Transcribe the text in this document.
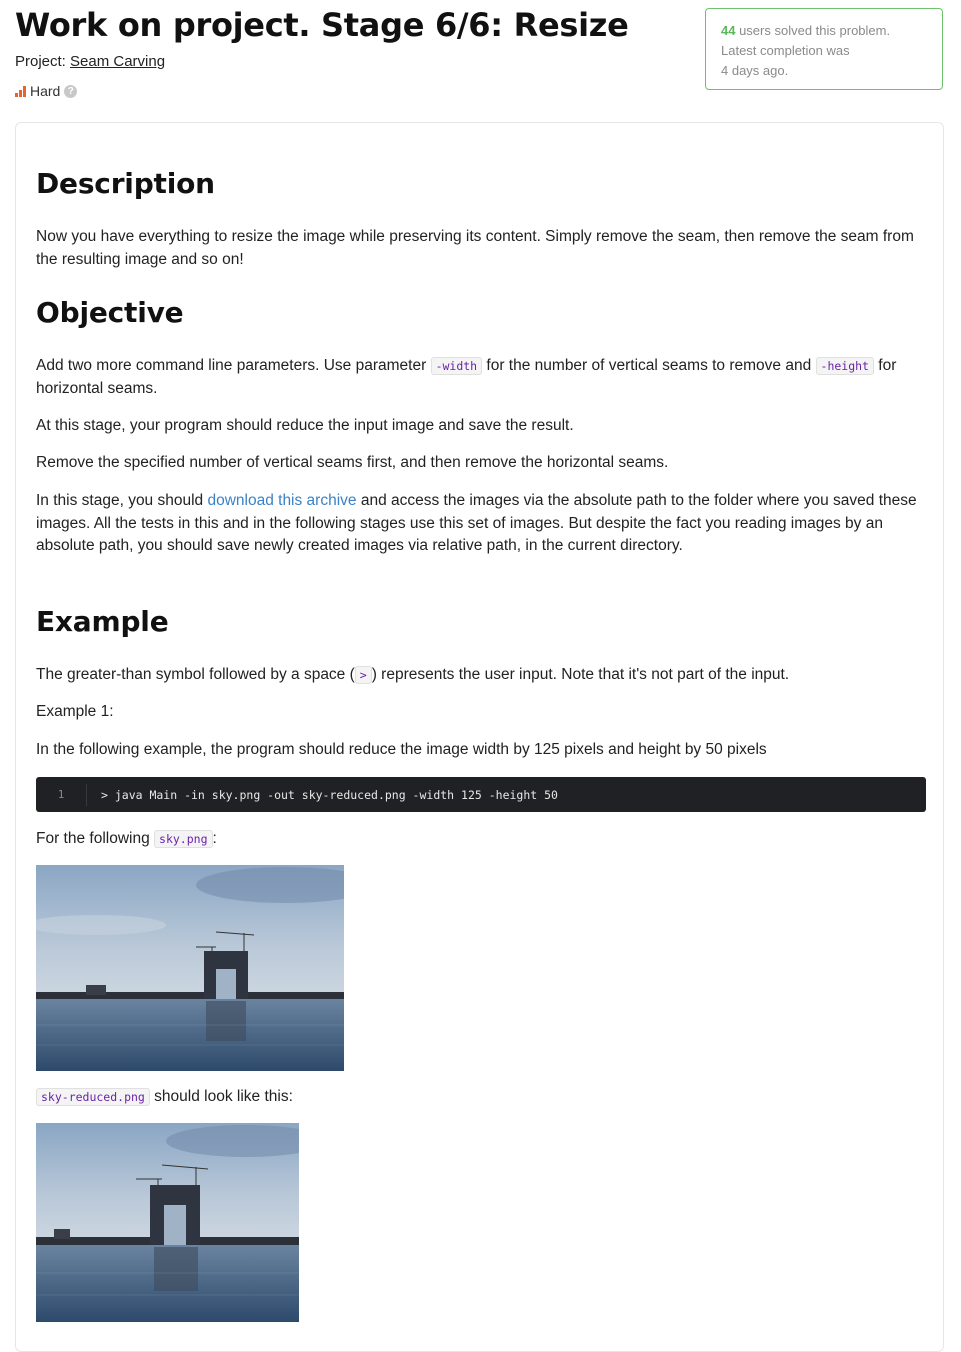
Work on project. Stage 6/6: Resize
Project: Seam Carving
Hard ?
44 users solved this problem.
Latest completion was
4 days ago.
Description

Now you have everything to resize the image while preserving its content. Simply remove the seam, then remove the seam from the resulting image and so on!

Objective

Add two more command line parameters. Use parameter -width for the number of vertical seams to remove and -height for horizontal seams.

At this stage, your program should reduce the input image and save the result.

Remove the specified number of vertical seams first, and then remove the horizontal seams.

In this stage, you should download this archive and access the images via the absolute path to the folder where you saved these images. All the tests in this and in the following stages use this set of images. But despite the fact you reading images by an absolute path, you should save newly created images via relative path, in the current directory.

Example

The greater-than symbol followed by a space ( > ) represents the user input. Note that it's not part of the input.

Example 1:

In the following example, the program should reduce the image width by 125 pixels and height by 50 pixels

1	> java Main -in sky.png -out sky-reduced.png -width 125 -height 50

For the following sky.png :

sky-reduced.png should look like this:
